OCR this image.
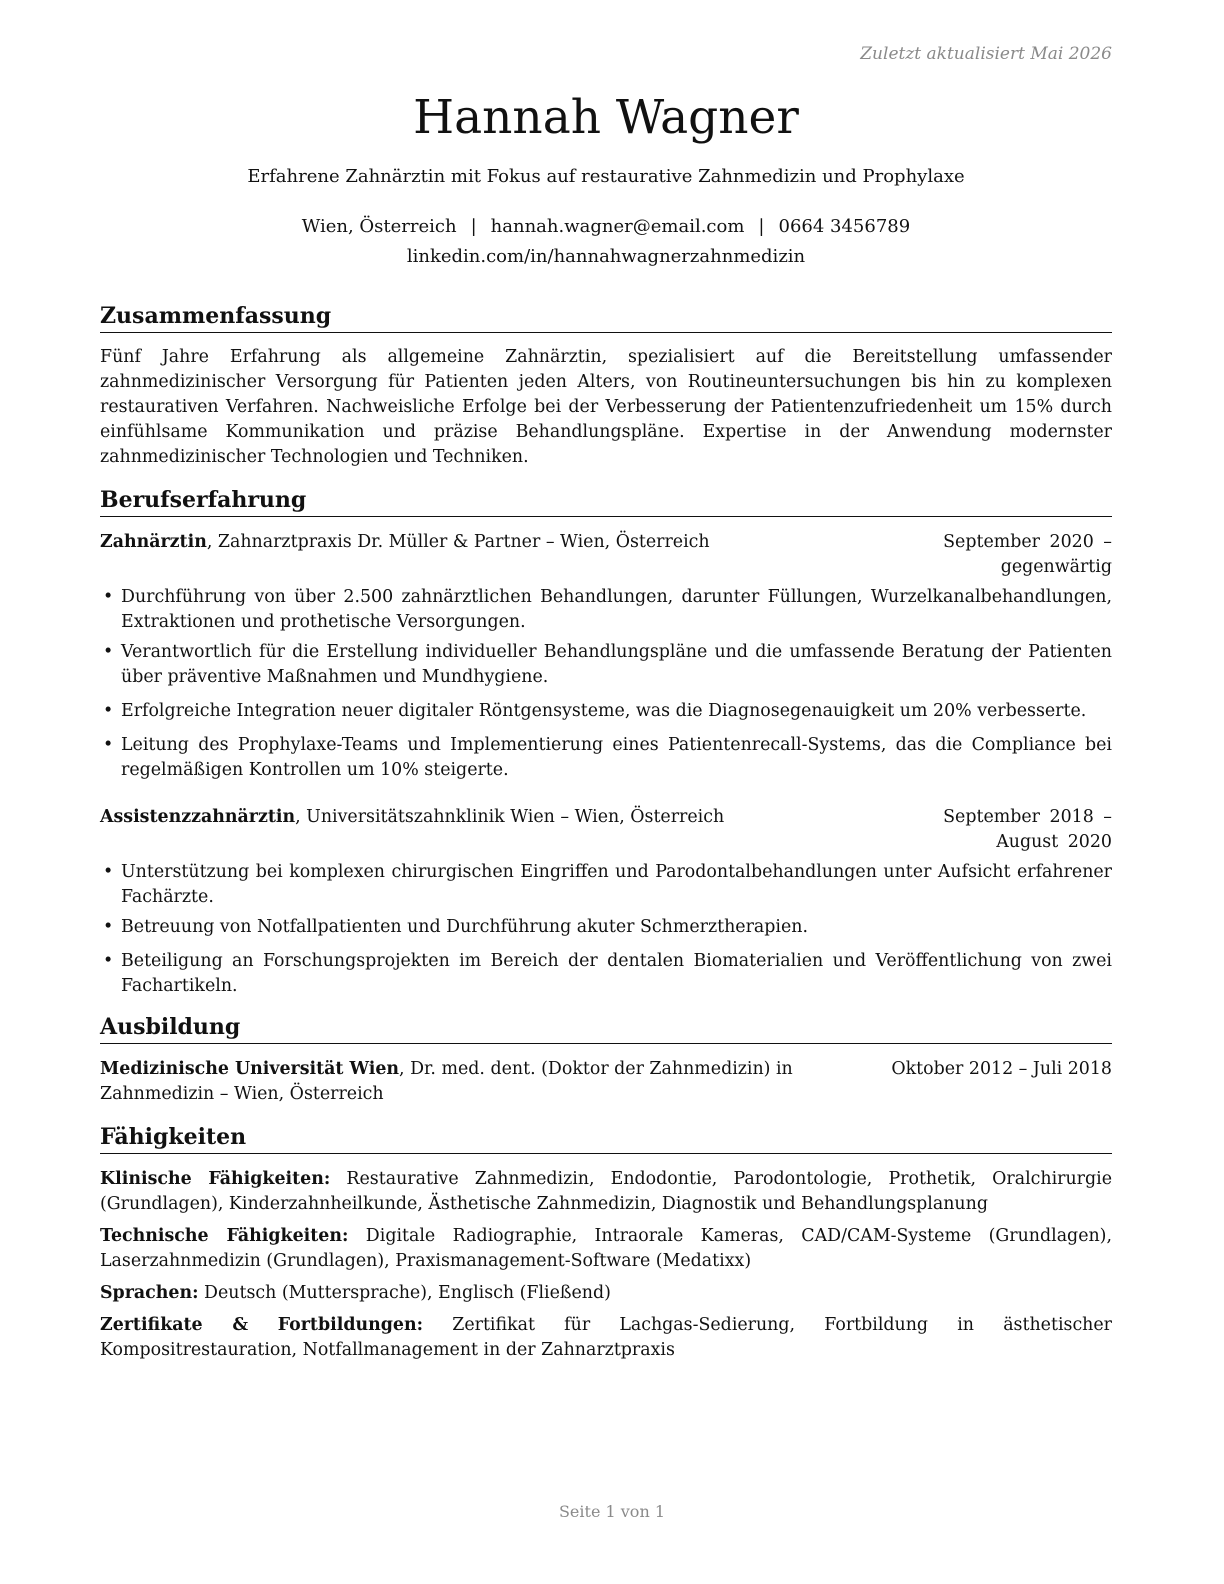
Zuletzt aktualisiert Mai 2026
Hannah Wagner
Erfahrene Zahnärztin mit Fokus auf restaurative Zahnmedizin und Prophylaxe
Wien, Österreich | hannah.wagner@email.com | 0664 3456789
linkedin.com/in/hannahwagnerzahnmedizin
Zusammenfassung
Fünf Jahre Erfahrung als allgemeine Zahnärztin, spezialisiert auf die Bereitstellung umfassender zahnmedizinischer Versorgung für Patienten jeden Alters, von Routineuntersuchungen bis hin zu komplexen restaurativen Verfahren. Nachweisliche Erfolge bei der Verbesserung der Patientenzufriedenheit um 15% durch einfühlsame Kommunikation und präzise Behandlungspläne. Expertise in der Anwendung modernster zahnmedizinischer Technologien und Techniken.
Berufserfahrung
Zahnärztin, Zahnarztpraxis Dr. Müller & Partner – Wien, Österreich	September 2020 – gegenwärtig
• Durchführung von über 2.500 zahnärztlichen Behandlungen, darunter Füllungen, Wurzelkanalbehandlungen, Extraktionen und prothetische Versorgungen.
• Verantwortlich für die Erstellung individueller Behandlungspläne und die umfassende Beratung der Patienten über präventive Maßnahmen und Mundhygiene.
• Erfolgreiche Integration neuer digitaler Röntgensysteme, was die Diagnosegenauigkeit um 20% verbesserte.
• Leitung des Prophylaxe-Teams und Implementierung eines Patientenrecall-Systems, das die Compliance bei regelmäßigen Kontrollen um 10% steigerte.
Assistenzzahnärztin, Universitätszahnklinik Wien – Wien, Österreich	September 2018 – August 2020
• Unterstützung bei komplexen chirurgischen Eingriffen und Parodontalbehandlungen unter Aufsicht erfahrener Fachärzte.
• Betreuung von Notfallpatienten und Durchführung akuter Schmerztherapien.
• Beteiligung an Forschungsprojekten im Bereich der dentalen Biomaterialien und Veröffentlichung von zwei Fachartikeln.
Ausbildung
Medizinische Universität Wien, Dr. med. dent. (Doktor der Zahnmedizin) in Zahnmedizin – Wien, Österreich
Oktober 2012 – Juli 2018
Fähigkeiten
Klinische Fähigkeiten: Restaurative Zahnmedizin, Endodontie, Parodontologie, Prothetik, Oralchirurgie (Grundlagen), Kinderzahnheilkunde, Ästhetische Zahnmedizin, Diagnostik und Behandlungsplanung
Technische Fähigkeiten: Digitale Radiographie, Intraorale Kameras, CAD/CAM-Systeme (Grundlagen), Laserzahnmedizin (Grundlagen), Praxismanagement-Software (Medatixx)
Sprachen: Deutsch (Muttersprache), Englisch (Fließend)
Zertifikate & Fortbildungen: Zertifikat für Lachgas-Sedierung, Fortbildung in ästhetischer Kompositrestauration, Notfallmanagement in der Zahnarztpraxis
Seite 1 von 1
